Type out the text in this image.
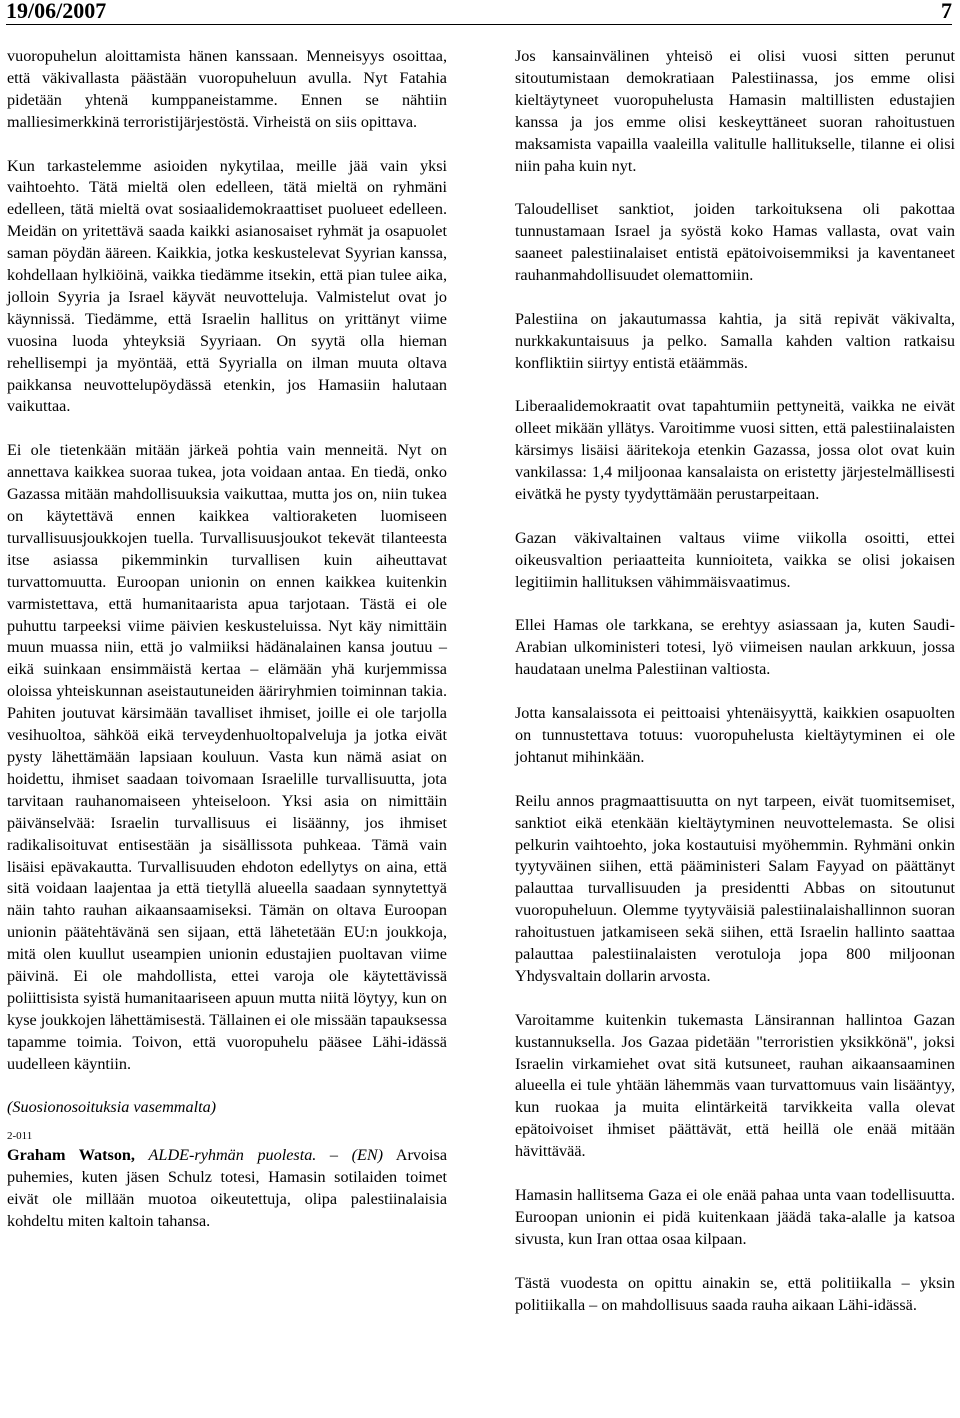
19/06/2007	7

vuoropuhelun aloittamista hänen kanssaan. Menneisyys osoittaa, että väkivallasta päästään vuoropuheluun avulla. Nyt Fatahia pidetään yhtenä kumppaneistamme. Ennen se nähtiin malliesimerkkinä terroristijärjestöstä. Virheistä on siis opittava.

Kun tarkastelemme asioiden nykytilaa, meille jää vain yksi vaihtoehto. Tätä mieltä olen edelleen, tätä mieltä on ryhmäni edelleen, tätä mieltä ovat sosiaalidemokraattiset puolueet edelleen. Meidän on yritettävä saada kaikki asianosaiset ryhmät ja osapuolet saman pöydän ääreen. Kaikkia, jotka keskustelevat Syyrian kanssa, kohdellaan hylkiöinä, vaikka tiedämme itsekin, että pian tulee aika, jolloin Syyria ja Israel käyvät neuvotteluja. Valmistelut ovat jo käynnissä. Tiedämme, että Israelin hallitus on yrittänyt viime vuosina luoda yhteyksiä Syyriaan. On syytä olla hieman rehellisempi ja myöntää, että Syyrialla on ilman muuta oltava paikkansa neuvottelupöydässä etenkin, jos Hamasiin halutaan vaikuttaa.

Ei ole tietenkään mitään järkeä pohtia vain menneitä. Nyt on annettava kaikkea suoraa tukea, jota voidaan antaa. En tiedä, onko Gazassa mitään mahdollisuuksia vaikuttaa, mutta jos on, niin tukea on käytettävä ennen kaikkea valtioraketen luomiseen turvallisuusjoukkojen tuella. Turvallisuusjoukot tekevät tilanteesta itse asiassa pikemminkin turvallisen kuin aiheuttavat turvattomuutta. Euroopan unionin on ennen kaikkea kuitenkin varmistettava, että humanitaarista apua tarjotaan. Tästä ei ole puhuttu tarpeeksi viime päivien keskusteluissa. Nyt käy nimittäin muun muassa niin, että jo valmiiksi hädänalainen kansa joutuu – eikä suinkaan ensimmäistä kertaa – elämään yhä kurjemmissa oloissa yhteiskunnan aseistautuneiden ääriryhmien toiminnan takia. Pahiten joutuvat kärsimään tavalliset ihmiset, joille ei ole tarjolla vesihuoltoa, sähköä eikä terveydenhuoltopalveluja ja jotka eivät pysty lähettämään lapsiaan kouluun. Vasta kun nämä asiat on hoidettu, ihmiset saadaan toivomaan Israelille turvallisuutta, jota tarvitaan rauhanomaiseen yhteiseloon. Yksi asia on nimittäin päivänselvää: Israelin turvallisuus ei lisäänny, jos ihmiset radikalisoituvat entisestään ja sisällissota puhkeaa. Tämä vain lisäisi epävakautta. Turvallisuuden ehdoton edellytys on aina, että sitä voidaan laajentaa ja että tietyllä alueella saadaan synnytettyä näin tahto rauhan aikaansaamiseksi. Tämän on oltava Euroopan unionin päätehtävänä sen sijaan, että lähetetään EU:n joukkoja, mitä olen kuullut useampien unionin edustajien puoltavan viime päivinä. Ei ole mahdollista, ettei varoja ole käytettävissä poliittisista syistä humanitaariseen apuun mutta niitä löytyy, kun on kyse joukkojen lähettämisestä. Tällainen ei ole missään tapauksessa tapamme toimia. Toivon, että vuoropuhelu pääsee Lähi-idässä uudelleen käyntiin.

(Suosionosoituksia vasemmalta)

2-011

Graham Watson, ALDE-ryhmän puolesta. – (EN) Arvoisa puhemies, kuten jäsen Schulz totesi, Hamasin sotilaiden toimet eivät ole millään muotoa oikeutettuja, olipa palestiinalaisia kohdeltu miten kaltoin tahansa.

Jos kansainvälinen yhteisö ei olisi vuosi sitten perunut sitoutumistaan demokratiaan Palestiinassa, jos emme olisi kieltäytyneet vuoropuhelusta Hamasin maltillisten edustajien kanssa ja jos emme olisi keskeyttäneet suoran rahoitustuen maksamista vapailla vaaleilla valitulle hallitukselle, tilanne ei olisi niin paha kuin nyt.

Taloudelliset sanktiot, joiden tarkoituksena oli pakottaa tunnustamaan Israel ja syöstä koko Hamas vallasta, ovat vain saaneet palestiinalaiset entistä epätoivoisemmiksi ja kaventaneet rauhanmahdollisuudet olemattomiin.

Palestiina on jakautumassa kahtia, ja sitä repivät väkivalta, nurkkakuntaisuus ja pelko. Samalla kahden valtion ratkaisu konfliktiin siirtyy entistä etäämmäs.

Liberaalidemokraatit ovat tapahtumiin pettyneitä, vaikka ne eivät olleet mikään yllätys. Varoitimme vuosi sitten, että palestiinalaisten kärsimys lisäisi ääritekoja etenkin Gazassa, jossa olot ovat kuin vankilassa: 1,4 miljoonaa kansalaista on eristetty järjestelmällisesti eivätkä he pysty tyydyttämään perustarpeitaan.

Gazan väkivaltainen valtaus viime viikolla osoitti, ettei oikeusvaltion periaatteita kunnioiteta, vaikka se olisi jokaisen legitiimin hallituksen vähimmäisvaatimus.

Ellei Hamas ole tarkkana, se erehtyy asiassaan ja, kuten Saudi-Arabian ulkoministeri totesi, lyö viimeisen naulan arkkuun, jossa haudataan unelma Palestiinan valtiosta.

Jotta kansalaissota ei peittoaisi yhtenäisyyttä, kaikkien osapuolten on tunnustettava totuus: vuoropuhelusta kieltäytyminen ei ole johtanut mihinkään.

Reilu annos pragmaattisuutta on nyt tarpeen, eivät tuomitsemiset, sanktiot eikä etenkään kieltäytyminen neuvottelemasta. Se olisi pelkurin vaihtoehto, joka kostautuisi myöhemmin. Ryhmäni onkin tyytyväinen siihen, että pääministeri Salam Fayyad on päättänyt palauttaa turvallisuuden ja presidentti Abbas on sitoutunut vuoropuheluun. Olemme tyytyväisiä palestiinalaishallinnon suoran rahoitustuen jatkamiseen sekä siihen, että Israelin hallinto saattaa palauttaa palestiinalaisten verotuloja jopa 800 miljoonan Yhdysvaltain dollarin arvosta.

Varoitamme kuitenkin tukemasta Länsirannan hallintoa Gazan kustannuksella. Jos Gazaa pidetään "terroristien yksikkönä", joksi Israelin virkamiehet ovat sitä kutsuneet, rauhan aikaansaaminen alueella ei tule yhtään lähemmäs vaan turvattomuus vain lisääntyy, kun ruokaa ja muita elintärkeitä tarvikkeita valla olevat epätoivoiset ihmiset päättävät, että heillä ole enää mitään hävittävää.

Hamasin hallitsema Gaza ei ole enää pahaa unta vaan todellisuutta. Euroopan unionin ei pidä kuitenkaan jäädä taka-alalle ja katsoa sivusta, kun Iran ottaa osaa kilpaan.

Tästä vuodesta on opittu ainakin se, että politiikalla – yksin politiikalla – on mahdollisuus saada rauha aikaan Lähi-idässä.
